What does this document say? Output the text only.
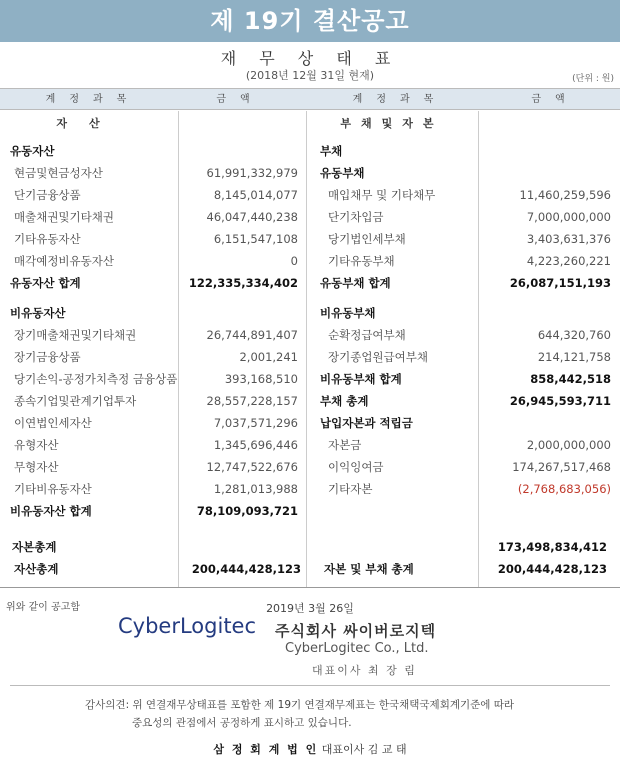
제 19기 결산공고
재 무 상 태 표
(2018년 12월 31일 현재)	(단위 : 원)
계정과목	금액	계정과목	금액
자산	부채및자본
유동자산
현금및현금성자산	61,991,332,979
단기금융상품	8,145,014,077
매출채권및기타채권	46,047,440,238
기타유동자산	6,151,547,108
매각예정비유동자산	0
유동자산 합계	122,335,334,402
비유동자산
장기매출채권및기타채권	26,744,891,407
장기금융상품	2,001,241
당기손익-공정가치측정 금융상품	393,168,510
종속기업및관계기업투자	28,557,228,157
이연법인세자산	7,037,571,296
유형자산	1,345,696,446
무형자산	12,747,522,676
기타비유동자산	1,281,013,988
비유동자산 합계	78,109,093,721
부채
유동부채
매입채무 및 기타채무	11,460,259,596
단기차입금	7,000,000,000
당기법인세부채	3,403,631,376
기타유동부채	4,223,260,221
유동부채 합계	26,087,151,193
비유동부채
순확정급여부채	644,320,760
장기종업원급여부채	214,121,758
비유동부채 합계	858,442,518
부채 총계	26,945,593,711
납입자본과 적립금
자본금	2,000,000,000
이익잉여금	174,267,517,468
기타자본	(2,768,683,056)
자본총계	173,498,834,412
자산총계	200,444,428,123 자본 및 부채 총계	200,444,428,123
위와 같이 공고함	2019년 3월 26일
CyberLogitec 주식회사 싸이버로지텍
CyberLogitec Co., Ltd.
대표이사 최 장 림
감사의견: 위 연결재무상태표를 포함한 제 19기 연결재무제표는 한국채택국제회계기준에 따라
중요성의 관점에서 공정하게 표시하고 있습니다.
삼 정 회 계 법 인 대표이사 김 교 태
